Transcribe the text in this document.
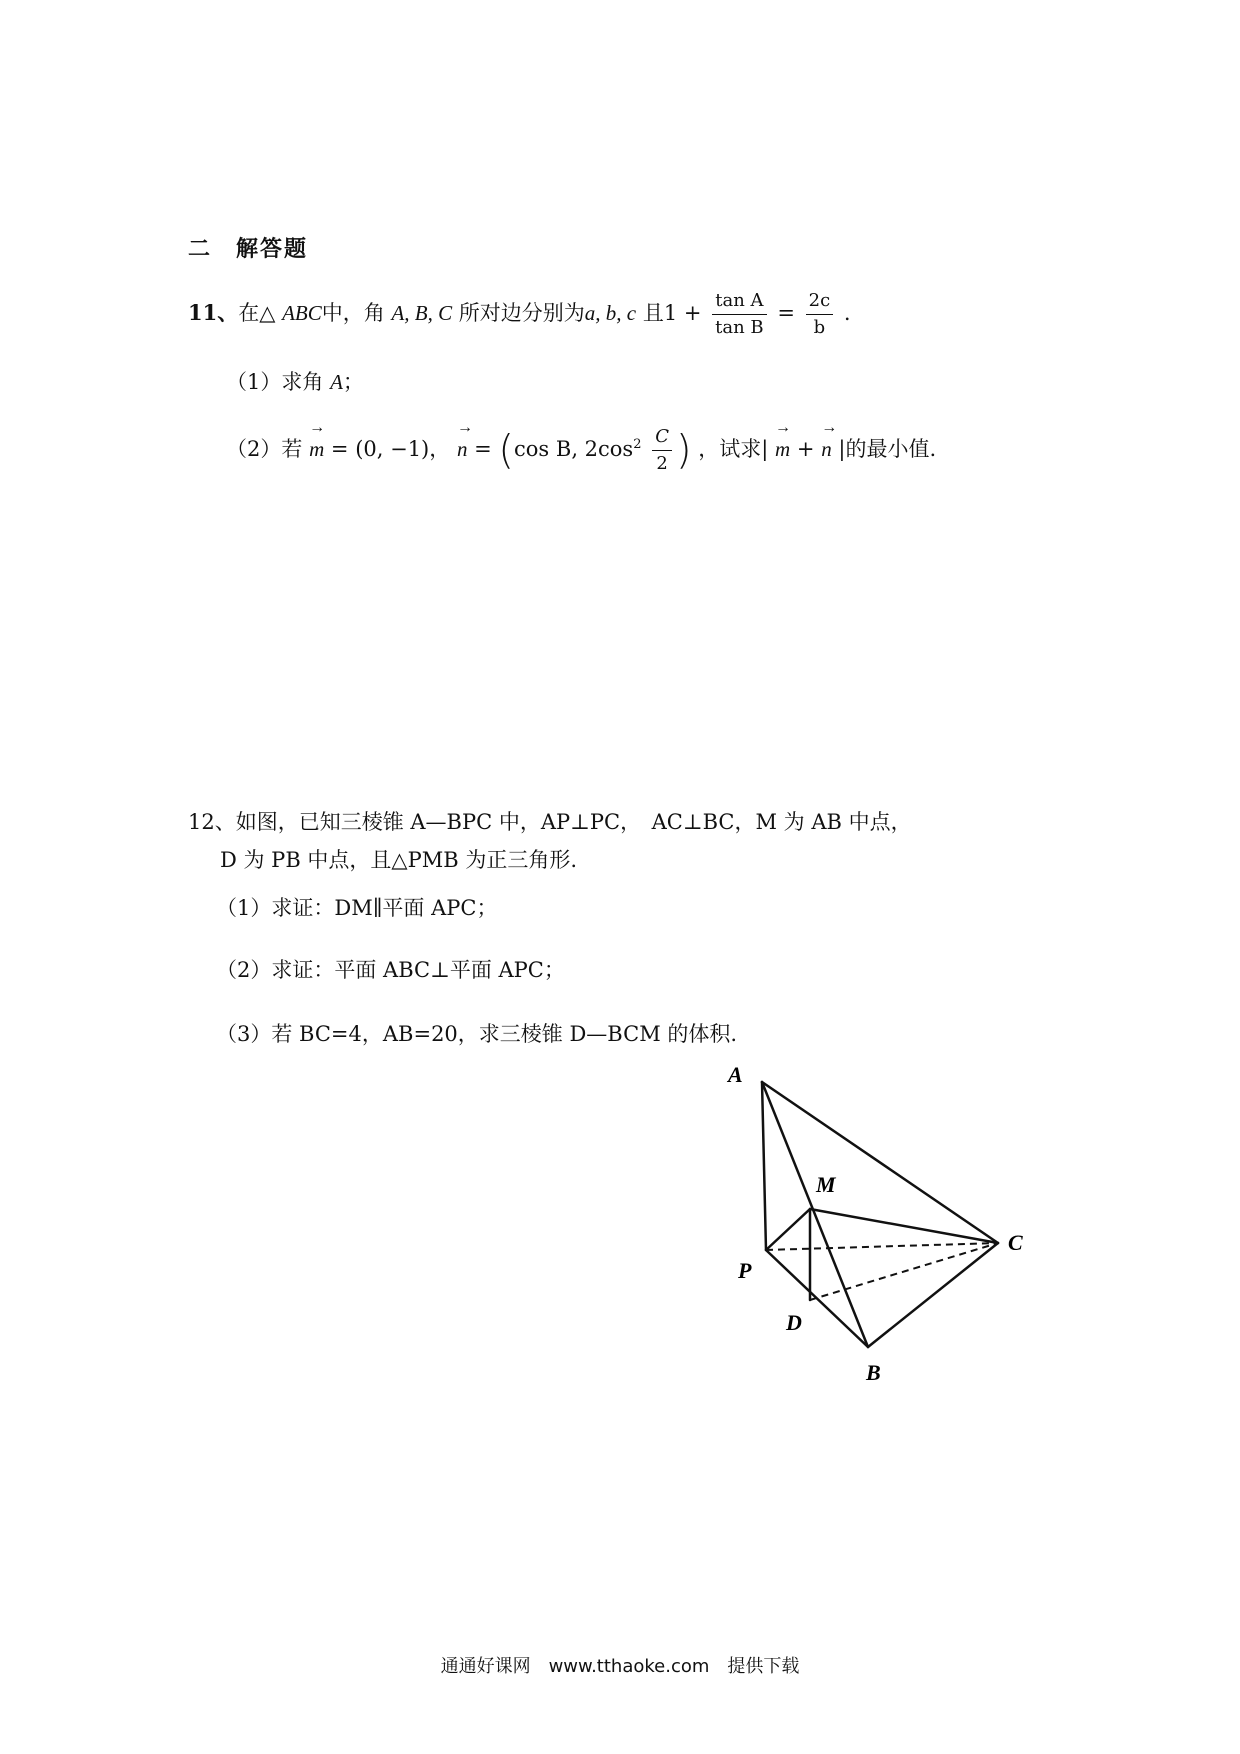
二　解答题
11、在△ ABC中，角 A, B, C 所对边分别为a, b, c 且$1 + \frac{\text{tan A}}{\text{tan B}} = \frac{2c}{b}$ .
（1）求角 A；
（2）若 → m = (0, −1)， → n = (cos B, $2\cos^2 \frac{C}{2}$ ) ，试求| → m + → n |的最小值.
12、如图，已知三棱锥 A—BPC 中，AP⊥PC，　AC⊥BC，M 为 AB 中点，
D 为 PB 中点，且△PMB 为正三角形.
（1）求证：DM∥平面 APC；
（2）求证：平面 ABC⊥平面 APC；
（3）若 BC=4，AB=20，求三棱锥 D—BCM 的体积.
A
M
C
P
D
B
通通好课网　www.tthaoke.com　提供下载
